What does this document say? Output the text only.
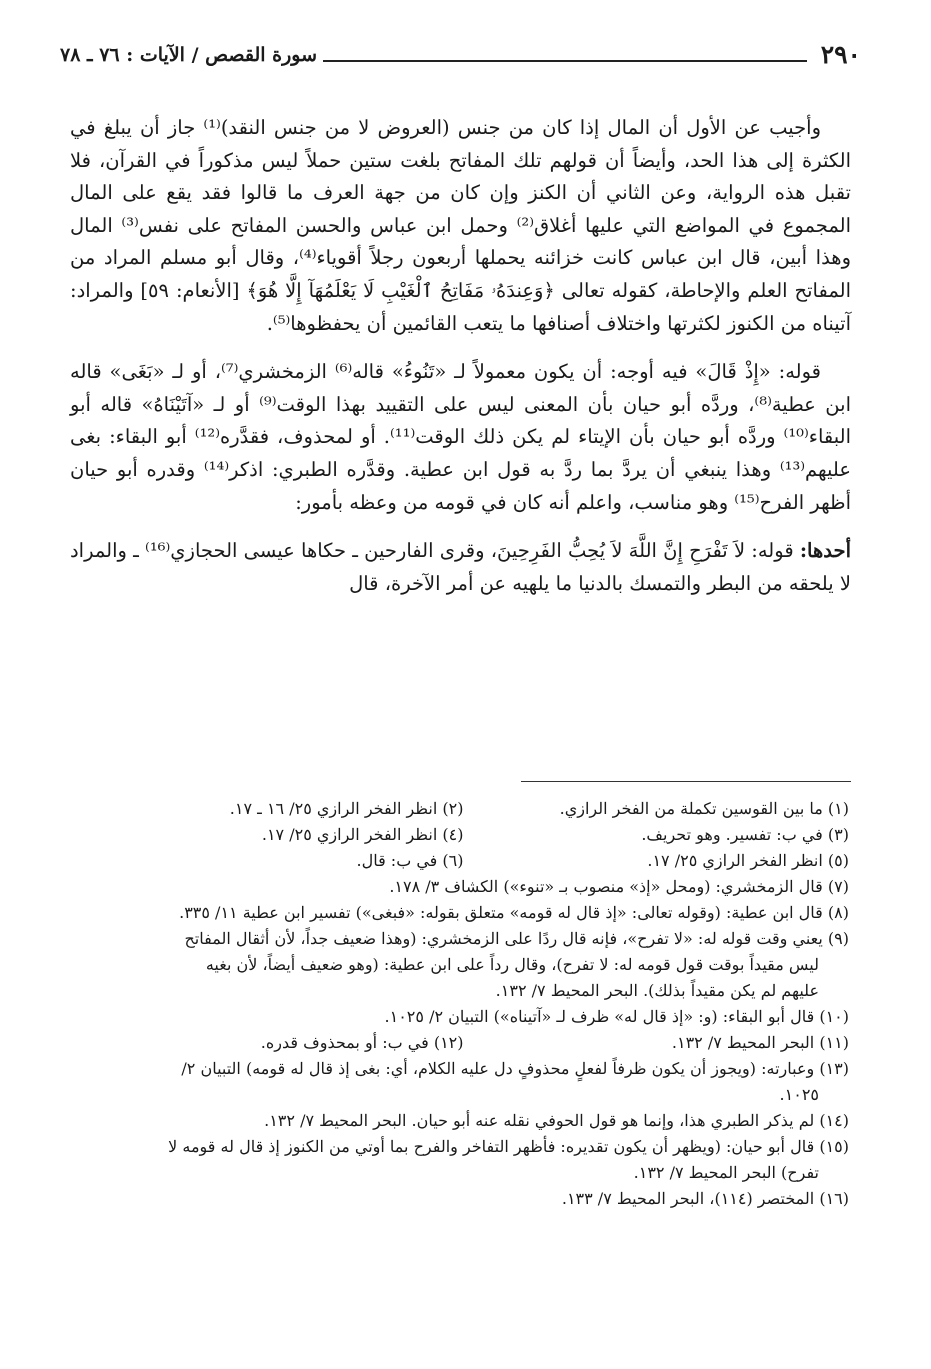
٢٩٠
سورة القصص / الآيات : ٧٦ ـ ٧٨

وأجيب عن الأول أن المال إذا كان من جنس (العروض لا من جنس النقد)⁽¹⁾ جاز أن يبلغ في الكثرة إلى هذا الحد، وأيضاً أن قولهم تلك المفاتح بلغت ستين حملاً ليس مذكوراً في القرآن، فلا تقبل هذه الرواية، وعن الثاني أن الكنز وإن كان من جهة العرف ما قالوا فقد يقع على المال المجموع في المواضع التي عليها أغلاق⁽²⁾ وحمل ابن عباس والحسن المفاتح على نفس⁽³⁾ المال وهذا أبين، قال ابن عباس كانت خزائنه يحملها أربعون رجلاً أقوياء⁽⁴⁾، وقال أبو مسلم المراد من المفاتح العلم والإحاطة، كقوله تعالى ﴿وَعِندَهُۥ مَفَاتِحُ ٱلْغَيْبِ لَا يَعْلَمُهَآ إِلَّا هُوَ﴾ [الأنعام: ٥٩] والمراد: آتيناه من الكنوز لكثرتها واختلاف أصنافها ما يتعب القائمين أن يحفظوها⁽⁵⁾.

قوله: «إِذْ قَالَ» فيه أوجه: أن يكون معمولاً لـ «تَنُوءُ» قاله⁽⁶⁾ الزمخشري⁽⁷⁾، أو لـ «بَغَى» قاله ابن عطية⁽⁸⁾، وردَّه أبو حيان بأن المعنى ليس على التقييد بهذا الوقت⁽⁹⁾ أو لـ «آتَيْنَاهُ» قاله أبو البقاء⁽¹⁰⁾ وردَّه أبو حيان بأن الإيتاء لم يكن ذلك الوقت⁽¹¹⁾. أو لمحذوف، فقدَّره⁽¹²⁾ أبو البقاء: بغى عليهم⁽¹³⁾ وهذا ينبغي أن يردَّ بما ردَّ به قول ابن عطية. وقدَّره الطبري: اذكر⁽¹⁴⁾ وقدره أبو حيان أظهر الفرح⁽¹⁵⁾ وهو مناسب، واعلم أنه كان في قومه من وعظه بأمور:

أحدها: قوله: لاَ تَفْرَحِ إِنَّ اللَّهَ لاَ يُحِبُّ الفَرِحِينَ، وقرى الفارحين ـ حكاها عيسى الحجازي⁽¹⁶⁾ ـ والمراد لا يلحقه من البطر والتمسك بالدنيا ما يلهيه عن أمر الآخرة، قال

(١) ما بين القوسين تكملة من الفخر الرازي.
(٢) انظر الفخر الرازي ٢٥/ ١٦ ـ ١٧.
(٣) في ب: تفسير. وهو تحريف.
(٤) انظر الفخر الرازي ٢٥/ ١٧.
(٥) انظر الفخر الرازي ٢٥/ ١٧.
(٦) في ب: قال.
(٧) قال الزمخشري: (ومحل «إذ» منصوب بـ «تنوء») الكشاف ٣/ ١٧٨.
(٨) قال ابن عطية: (وقوله تعالى: «إذ قال له قومه» متعلق بقوله: «فبغى») تفسير ابن عطية ١١/ ٣٣٥.
(٩) يعني وقت قوله له: «لا تفرح»، فإنه قال ردًا على الزمخشري: (وهذا ضعيف جداً، لأن أثقال المفاتح
ليس مقيداً بوقت قول قومه له: لا تفرح)، وقال رداً على ابن عطية: (وهو ضعيف أيضاً، لأن بغيه
عليهم لم يكن مقيداً بذلك). البحر المحيط ٧/ ١٣٢.
(١٠) قال أبو البقاء: (و: «إذ قال له» ظرف لـ «آتيناه») التبيان ٢/ ١٠٢٥.
(١١) البحر المحيط ٧/ ١٣٢.
(١٢) في ب: أو بمحذوف قدره.
(١٣) وعبارته: (ويجوز أن يكون ظرفاً لفعلٍ محذوفٍ دل عليه الكلام، أي: بغى إذ قال له قومه) التبيان ٢/
١٠٢٥.
(١٤) لم يذكر الطبري هذا، وإنما هو قول الحوفي نقله عنه أبو حيان. البحر المحيط ٧/ ١٣٢.
(١٥) قال أبو حيان: (ويظهر أن يكون تقديره: فأظهر التفاخر والفرح بما أوتي من الكنوز إذ قال له قومه لا
تفرح) البحر المحيط ٧/ ١٣٢.
(١٦) المختصر (١١٤)، البحر المحيط ٧/ ١٣٣.
